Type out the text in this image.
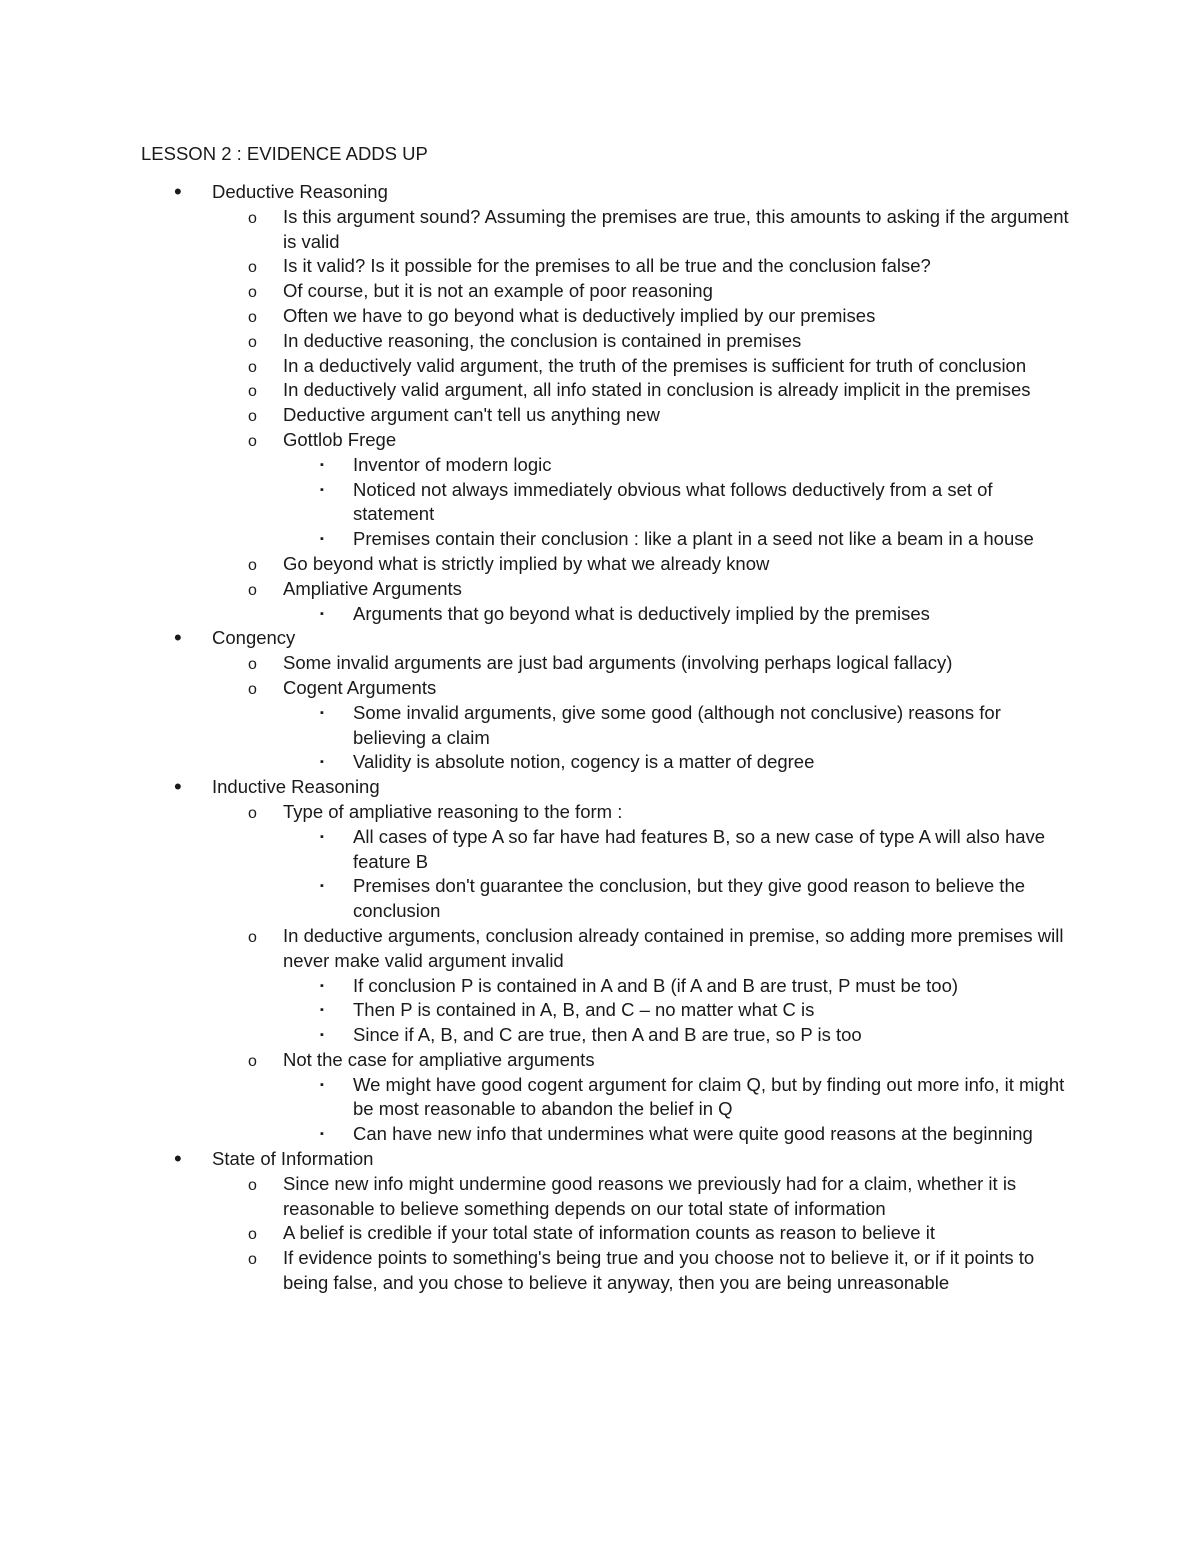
LESSON 2 : EVIDENCE ADDS UP
• Deductive Reasoning
o Is this argument sound? Assuming the premises are true, this amounts to asking if the argument is valid
o Is it valid? Is it possible for the premises to all be true and the conclusion false?
o Of course, but it is not an example of poor reasoning
o Often we have to go beyond what is deductively implied by our premises
o In deductive reasoning, the conclusion is contained in premises
o In a deductively valid argument, the truth of the premises is sufficient for truth of conclusion
o In deductively valid argument, all info stated in conclusion is already implicit in the premises
o Deductive argument can't tell us anything new
o Gottlob Frege
▪ Inventor of modern logic
▪ Noticed not always immediately obvious what follows deductively from a set of statement
▪ Premises contain their conclusion : like a plant in a seed not like a beam in a house
o Go beyond what is strictly implied by what we already know
o Ampliative Arguments
▪ Arguments that go beyond what is deductively implied by the premises
• Congency
o Some invalid arguments are just bad arguments (involving perhaps logical fallacy)
o Cogent Arguments
▪ Some invalid arguments, give some good (although not conclusive) reasons for believing a claim
▪ Validity is absolute notion, cogency is a matter of degree
• Inductive Reasoning
o Type of ampliative reasoning to the form :
▪ All cases of type A so far have had features B, so a new case of type A will also have feature B
▪ Premises don't guarantee the conclusion, but they give good reason to believe the conclusion
o In deductive arguments, conclusion already contained in premise, so adding more premises will never make valid argument invalid
▪ If conclusion P is contained in A and B (if A and B are trust, P must be too)
▪ Then P is contained in A, B, and C – no matter what C is
▪ Since if A, B, and C are true, then A and B are true, so P is too
o Not the case for ampliative arguments
▪ We might have good cogent argument for claim Q, but by finding out more info, it might be most reasonable to abandon the belief in Q
▪ Can have new info that undermines what were quite good reasons at the beginning
• State of Information
o Since new info might undermine good reasons we previously had for a claim, whether it is reasonable to believe something depends on our total state of information
o A belief is credible if your total state of information counts as reason to believe it
o If evidence points to something's being true and you choose not to believe it, or if it points to being false, and you chose to believe it anyway, then you are being unreasonable
